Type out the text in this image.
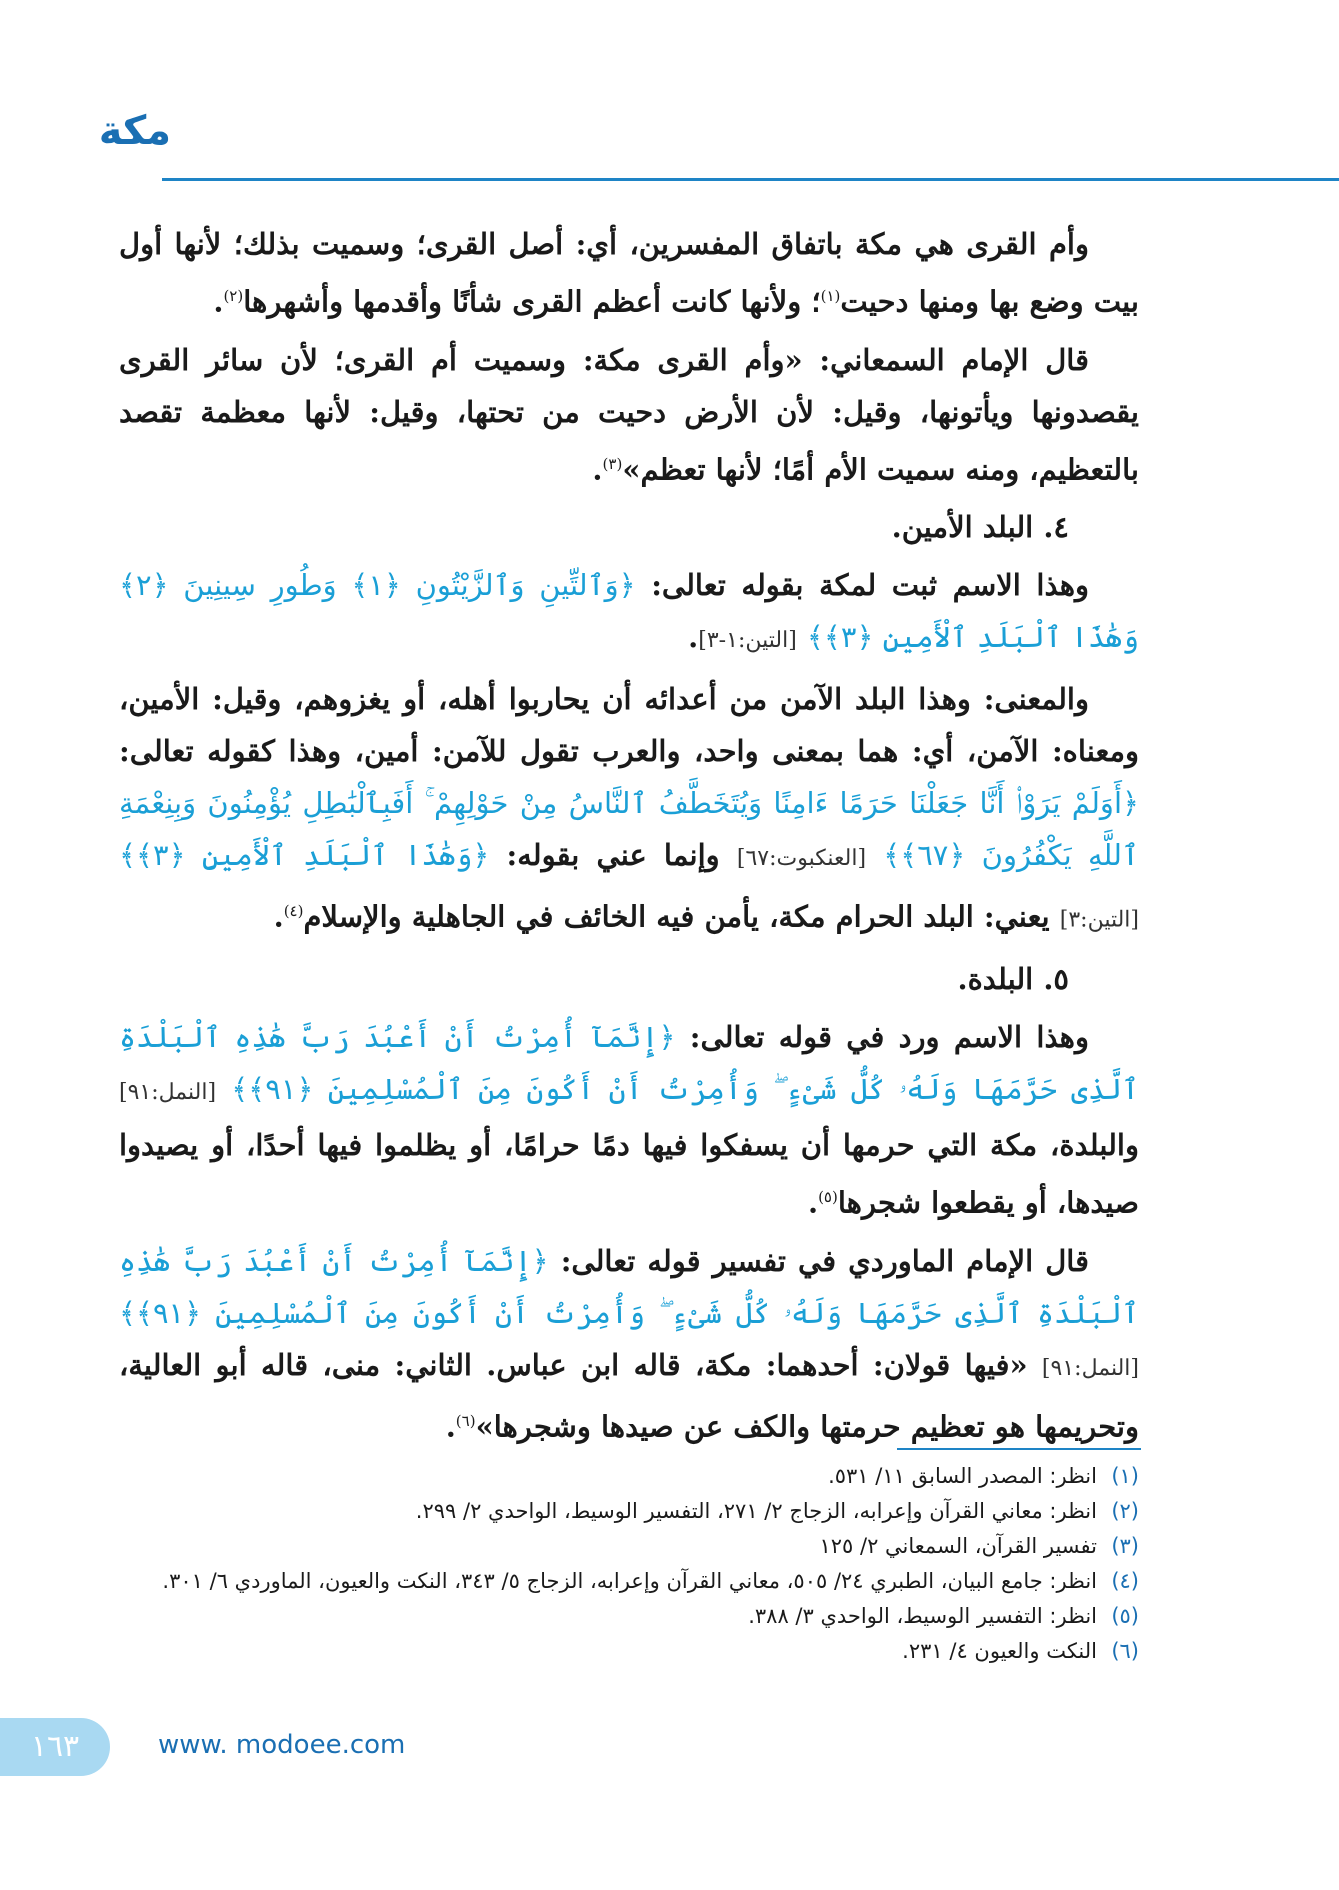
مكة

وأم القرى هي مكة باتفاق المفسرين، أي: أصل القرى؛ وسميت بذلك؛ لأنها أول بيت وضع بها ومنها دحيت$^{(١)}$؛ ولأنها كانت أعظم القرى شأنًا وأقدمها وأشهرها$^{(٢)}$.

قال الإمام السمعاني: «وأم القرى مكة: وسميت أم القرى؛ لأن سائر القرى يقصدونها ويأتونها، وقيل: لأن الأرض دحيت من تحتها، وقيل: لأنها معظمة تقصد بالتعظيم، ومنه سميت الأم أمًا؛ لأنها تعظم»$^{(٣)}$.

٤. البلد الأمين.

وهذا الاسم ثبت لمكة بقوله تعالى: ﴿وَٱلتِّينِ وَٱلزَّيْتُونِ ﴿١﴾ وَطُورِ سِينِينَ ﴿٢﴾ وَهَٰذَا ٱلْبَلَدِ ٱلْأَمِينِ ﴿٣﴾﴾ [التين:١-٣].

والمعنى: وهذا البلد الآمن من أعدائه أن يحاربوا أهله، أو يغزوهم، وقيل: الأمين، ومعناه: الآمن، أي: هما بمعنى واحد، والعرب تقول للآمن: أمين، وهذا كقوله تعالى: ﴿أَوَلَمْ يَرَوْا۟ أَنَّا جَعَلْنَا حَرَمًا ءَامِنًا وَيُتَخَطَّفُ ٱلنَّاسُ مِنْ حَوْلِهِمْ ۚ أَفَبِٱلْبَٰطِلِ يُؤْمِنُونَ وَبِنِعْمَةِ ٱللَّهِ يَكْفُرُونَ ﴿٦٧﴾﴾ [العنكبوت:٦٧] وإنما عني بقوله: ﴿وَهَٰذَا ٱلْبَلَدِ ٱلْأَمِينِ ﴿٣﴾﴾ [التين:٣] يعني: البلد الحرام مكة، يأمن فيه الخائف في الجاهلية والإسلام$^{(٤)}$.

٥. البلدة.

وهذا الاسم ورد في قوله تعالى: ﴿إِنَّمَآ أُمِرْتُ أَنْ أَعْبُدَ رَبَّ هَٰذِهِ ٱلْبَلْدَةِ ٱلَّذِى حَرَّمَهَا وَلَهُۥ كُلُّ شَىْءٍ ۖ وَأُمِرْتُ أَنْ أَكُونَ مِنَ ٱلْمُسْلِمِينَ ﴿٩١﴾﴾ [النمل:٩١] والبلدة، مكة التي حرمها أن يسفكوا فيها دمًا حرامًا، أو يظلموا فيها أحدًا، أو يصيدوا صيدها، أو يقطعوا شجرها$^{(٥)}$.

قال الإمام الماوردي في تفسير قوله تعالى: ﴿إِنَّمَآ أُمِرْتُ أَنْ أَعْبُدَ رَبَّ هَٰذِهِ ٱلْبَلْدَةِ ٱلَّذِى حَرَّمَهَا وَلَهُۥ كُلُّ شَىْءٍ ۖ وَأُمِرْتُ أَنْ أَكُونَ مِنَ ٱلْمُسْلِمِينَ ﴿٩١﴾﴾ [النمل:٩١] «فيها قولان: أحدهما: مكة، قاله ابن عباس. الثاني: منى، قاله أبو العالية، وتحريمها هو تعظيم حرمتها والكف عن صيدها وشجرها»$^{(٦)}$.

(١)
انظر: المصدر السابق ١١/ ٥٣١.
(٢)
انظر: معاني القرآن وإعرابه، الزجاج ٢/ ٢٧١، التفسير الوسيط، الواحدي ٢/ ٢٩٩.
(٣)
تفسير القرآن، السمعاني ٢/ ١٢٥
(٤)
انظر: جامع البيان، الطبري ٢٤/ ٥٠٥، معاني القرآن وإعرابه، الزجاج ٥/ ٣٤٣، النكت والعيون، الماوردي ٦/ ٣٠١.
(٥)
انظر: التفسير الوسيط، الواحدي ٣/ ٣٨٨.
(٦)
النكت والعيون ٤/ ٢٣١.
١٦٣	www. modoee.com
